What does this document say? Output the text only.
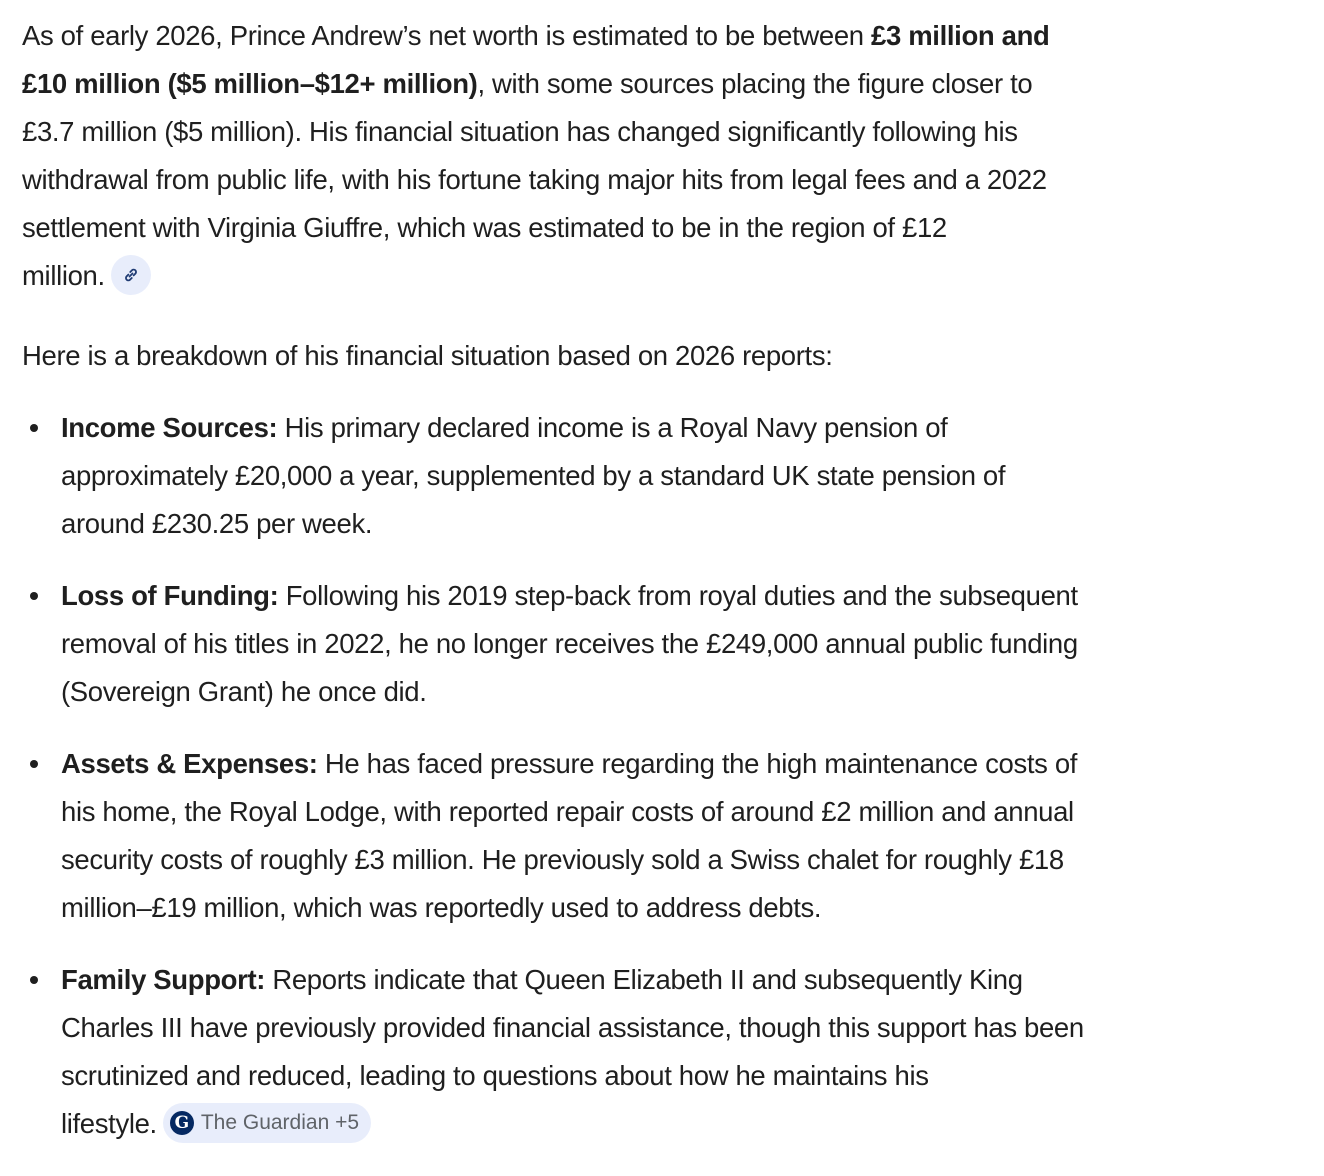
As of early 2026, Prince Andrew’s net worth is estimated to be between £3 million and
£10 million ($5 million–$12+ million), with some sources placing the figure closer to
£3.7 million ($5 million). His financial situation has changed significantly following his
withdrawal from public life, with his fortune taking major hits from legal fees and a 2022
settlement with Virginia Giuffre, which was estimated to be in the region of £12
million.

Here is a breakdown of his financial situation based on 2026 reports:

Income Sources: His primary declared income is a Royal Navy pension of
approximately £20,000 a year, supplemented by a standard UK state pension of
around £230.25 per week.
Loss of Funding: Following his 2019 step-back from royal duties and the subsequent
removal of his titles in 2022, he no longer receives the £249,000 annual public funding
(Sovereign Grant) he once did.
Assets & Expenses: He has faced pressure regarding the high maintenance costs of
his home, the Royal Lodge, with reported repair costs of around £2 million and annual
security costs of roughly £3 million. He previously sold a Swiss chalet for roughly £18
million–£19 million, which was reportedly used to address debts.
Family Support: Reports indicate that Queen Elizabeth II and subsequently King
Charles III have previously provided financial assistance, though this support has been
scrutinized and reduced, leading to questions about how he maintains his
lifestyle. G The Guardian +5
